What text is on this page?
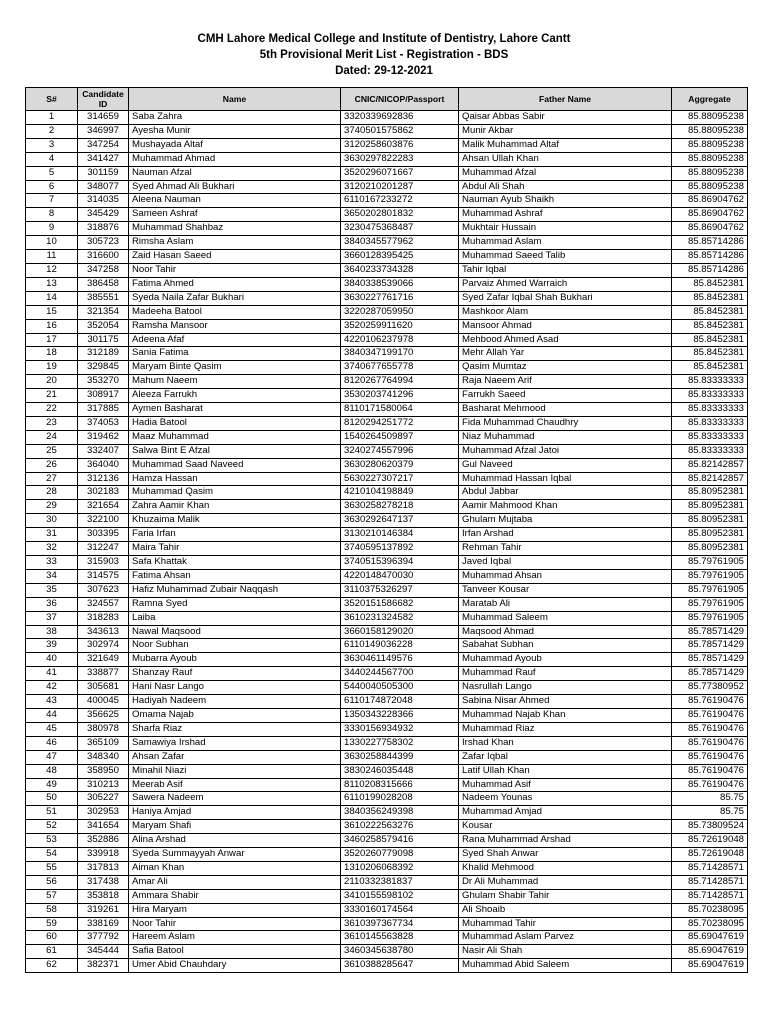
CMH Lahore Medical College and Institute of Dentistry, Lahore Cantt
5th Provisional Merit List - Registration - BDS
Dated: 29-12-2021
S#	Candidate ID	Name	CNIC/NICOP/Passport	Father Name	Aggregate
1	314659	Saba Zahra	3320339692836	Qaisar Abbas Sabir	85.88095238
2	346997	Ayesha Munir	3740501575862	Munir Akbar	85.88095238
3	347254	Mushayada Altaf	3120258603876	Malik Muhammad Altaf	85.88095238
4	341427	Muhammad Ahmad	3630297822283	Ahsan Ullah Khan	85.88095238
5	301159	Nauman Afzal	3520296071667	Muhammad Afzal	85.88095238
6	348077	Syed Ahmad Ali Bukhari	3120210201287	Abdul Ali Shah	85.88095238
7	314035	Aleena Nauman	6110167233272	Nauman Ayub Shaikh	85.86904762
8	345429	Sameen Ashraf	3650202801832	Muhammad Ashraf	85.86904762
9	318876	Muhammad Shahbaz	3230475368487	Mukhtair Hussain	85.86904762
10	305723	Rimsha Aslam	3840345577962	Muhammad Aslam	85.85714286
11	316600	Zaid Hasan Saeed	3660128395425	Muhammad Saeed Talib	85.85714286
12	347258	Noor Tahir	3640233734328	Tahir Iqbal	85.85714286
13	386458	Fatima Ahmed	3840338539066	Parvaiz Ahmed Warraich	85.8452381
14	385551	Syeda Naila Zafar Bukhari	3630227761716	Syed Zafar Iqbal Shah Bukhari	85.8452381
15	321354	Madeeha Batool	3220287059950	Mashkoor Alam	85.8452381
16	352054	Ramsha Mansoor	3520259911620	Mansoor Ahmad	85.8452381
17	301175	Adeena Afaf	4220106237978	Mehbood Ahmed Asad	85.8452381
18	312189	Sania Fatima	3840347199170	Mehr Allah Yar	85.8452381
19	329845	Maryam Binte Qasim	3740677655778	Qasim Mumtaz	85.8452381
20	353270	Mahum Naeem	8120267764994	Raja Naeem Arif	85.83333333
21	308917	Aleeza Farrukh	3530203741296	Farrukh Saeed	85.83333333
22	317885	Aymen Basharat	8110171580064	Basharat Mehmood	85.83333333
23	374053	Hadia Batool	8120294251772	Fida Muhammad Chaudhry	85.83333333
24	319462	Maaz Muhammad	1540264509897	Niaz Muhammad	85.83333333
25	332407	Salwa Bint E Afzal	3240274557996	Muhammad Afzal Jatoi	85.83333333
26	364040	Muhammad Saad Naveed	3630280620379	Gul Naveed	85.82142857
27	312136	Hamza Hassan	5630227307217	Muhammad Hassan Iqbal	85.82142857
28	302183	Muhammad Qasim	4210104198849	Abdul Jabbar	85.80952381
29	321654	Zahra Aamir Khan	3630258278218	Aamir Mahmood Khan	85.80952381
30	322100	Khuzaima Malik	3630292647137	Ghulam Mujtaba	85.80952381
31	303395	Faria Irfan	3130210146384	Irfan Arshad	85.80952381
32	312247	Maira Tahir	3740595137892	Rehman Tahir	85.80952381
33	315903	Safa Khattak	3740515396394	Javed Iqbal	85.79761905
34	314575	Fatima Ahsan	4220148470030	Muhammad Ahsan	85.79761905
35	307623	Hafiz Muhammad Zubair Naqqash	3110375326297	Tanveer Kousar	85.79761905
36	324557	Ramna Syed	3520151586682	Maratab Ali	85.79761905
37	318283	Laiba	3610231324582	Muhammad Saleem	85.79761905
38	343613	Nawal Maqsood	3660158129020	Maqsood Ahmad	85.78571429
39	302974	Noor Subhan	6110149036228	Sabahat Subhan	85.78571429
40	321649	Mubarra Ayoub	3630461149576	Muhammad Ayoub	85.78571429
41	338877	Shanzay Rauf	3440244567700	Muhammad Rauf	85.78571429
42	305681	Hani Nasr Lango	5440040505300	Nasrullah Lango	85.77380952
43	400045	Hadiyah Nadeem	6110174872048	Sabina Nisar Ahmed	85.76190476
44	356625	Omama Najab	1350343228366	Muhammad Najab Khan	85.76190476
45	380978	Sharfa Riaz	3330156934932	Muhammad Riaz	85.76190476
46	365109	Samawiya Irshad	1330227758302	Irshad Khan	85.76190476
47	348340	Ahsan Zafar	3630258844399	Zafar Iqbal	85.76190476
48	358950	Minahil Niazi	3830246035448	Latif Ullah Khan	85.76190476
49	310213	Meerab Asif	8110208315666	Muhammad Asif	85.76190476
50	305227	Sawera Nadeem	6110199028208	Nadeem Younas	85.75
51	302953	Haniya Amjad	3840356249398	Muhammad Amjad	85.75
52	341654	Maryam Shafi	3610222563276	Kousar	85.73809524
53	352886	Alina Arshad	3460258579416	Rana Muhammad Arshad	85.72619048
54	339918	Syeda Summayyah Anwar	3520260779098	Syed Shah Anwar	85.72619048
55	317813	Aiman Khan	1310206068392	Khalid Mehmood	85.71428571
56	317438	Amar Ali	2110332381837	Dr Ali Muhammad	85.71428571
57	353818	Ammara Shabir	3410155598102	Ghulam Shabir Tahir	85.71428571
58	319261	Hira Maryam	3330160174564	Ali Shoaib	85.70238095
59	338169	Noor Tahir	3610397367734	Muhammad Tahir	85.70238095
60	377792	Hareem Aslam	3610145563828	Muhammad Aslam Parvez	85.69047619
61	345444	Safia Batool	3460345638780	Nasir Ali Shah	85.69047619
62	382371	Umer Abid Chauhdary	3610388285647	Muhammad Abid Saleem	85.69047619
